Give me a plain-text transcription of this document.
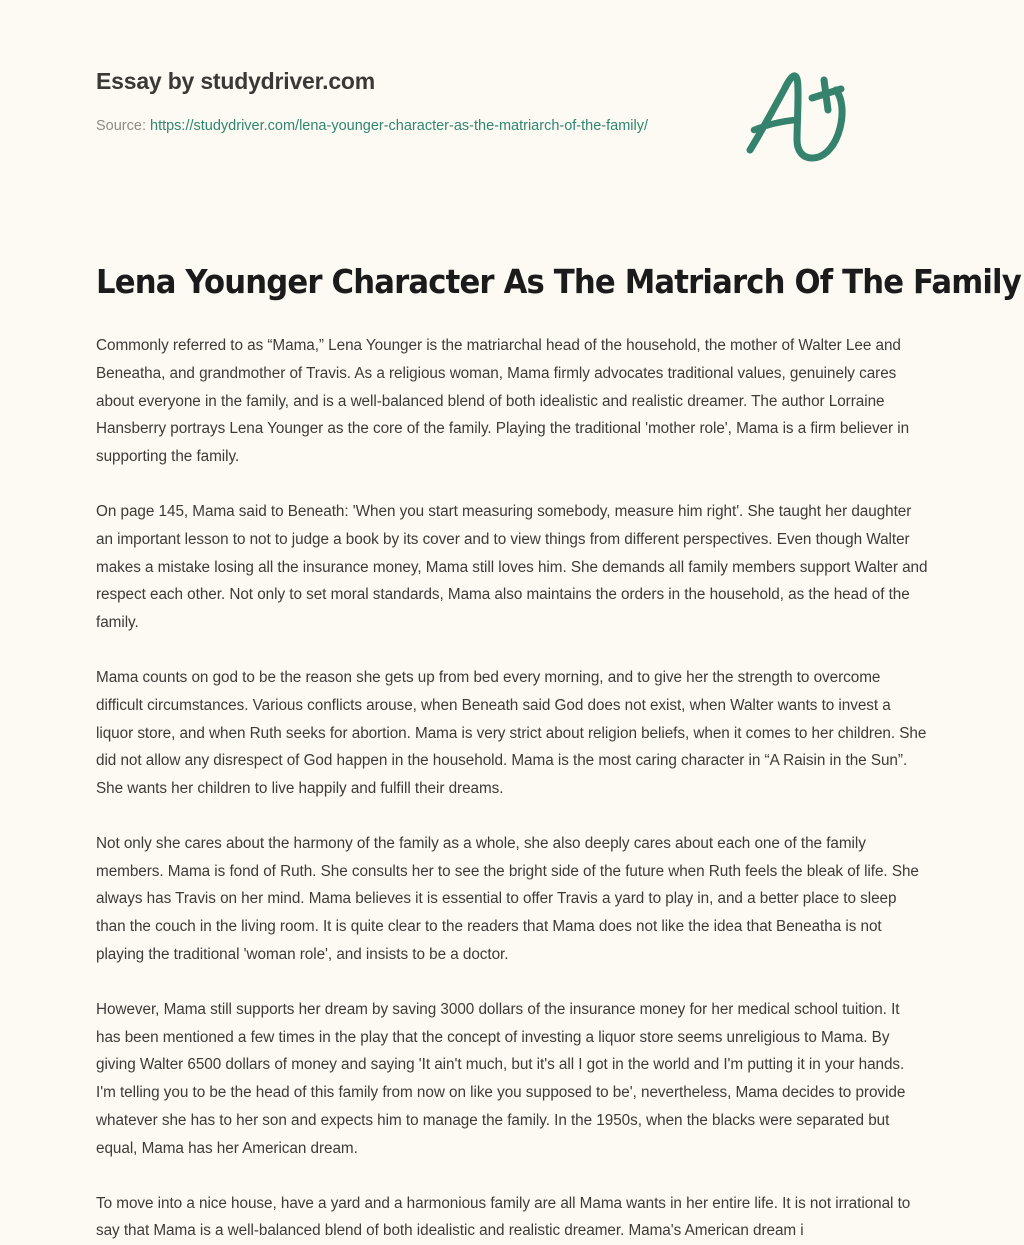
Essay by studydriver.com
Source: https://studydriver.com/lena-younger-character-as-the-matriarch-of-the-family/
Lena Younger Character As The Matriarch Of The Family

Commonly referred to as “Mama,” Lena Younger is the matriarchal head of the household, the mother of Walter Lee and Beneatha, and grandmother of Travis. As a religious woman, Mama firmly advocates traditional values, genuinely cares about everyone in the family, and is a well-balanced blend of both idealistic and realistic dreamer. The author Lorraine Hansberry portrays Lena Younger as the core of the family. Playing the traditional 'mother role', Mama is a firm believer in supporting the family.

On page 145, Mama said to Beneath: 'When you start measuring somebody, measure him right'. She taught her daughter an important lesson to not to judge a book by its cover and to view things from different perspectives. Even though Walter makes a mistake losing all the insurance money, Mama still loves him. She demands all family members support Walter and respect each other. Not only to set moral standards, Mama also maintains the orders in the household, as the head of the family.

Mama counts on god to be the reason she gets up from bed every morning, and to give her the strength to overcome difficult circumstances. Various conflicts arouse, when Beneath said God does not exist, when Walter wants to invest a liquor store, and when Ruth seeks for abortion. Mama is very strict about religion beliefs, when it comes to her children. She did not allow any disrespect of God happen in the household. Mama is the most caring character in “A Raisin in the Sun”. She wants her children to live happily and fulfill their dreams.

Not only she cares about the harmony of the family as a whole, she also deeply cares about each one of the family members. Mama is fond of Ruth. She consults her to see the bright side of the future when Ruth feels the bleak of life. She always has Travis on her mind. Mama believes it is essential to offer Travis a yard to play in, and a better place to sleep than the couch in the living room. It is quite clear to the readers that Mama does not like the idea that Beneatha is not playing the traditional 'woman role', and insists to be a doctor.

However, Mama still supports her dream by saving 3000 dollars of the insurance money for her medical school tuition. It has been mentioned a few times in the play that the concept of investing a liquor store seems unreligious to Mama. By giving Walter 6500 dollars of money and saying 'It ain't much, but it's all I got in the world and I'm putting it in your hands. I'm telling you to be the head of this family from now on like you supposed to be', nevertheless, Mama decides to provide whatever she has to her son and expects him to manage the family. In the 1950s, when the blacks were separated but equal, Mama has her American dream.

To move into a nice house, have a yard and a harmonious family are all Mama wants in her entire life. It is not irrational to say that Mama is a well-balanced blend of both idealistic and realistic dreamer. Mama's American dream i
